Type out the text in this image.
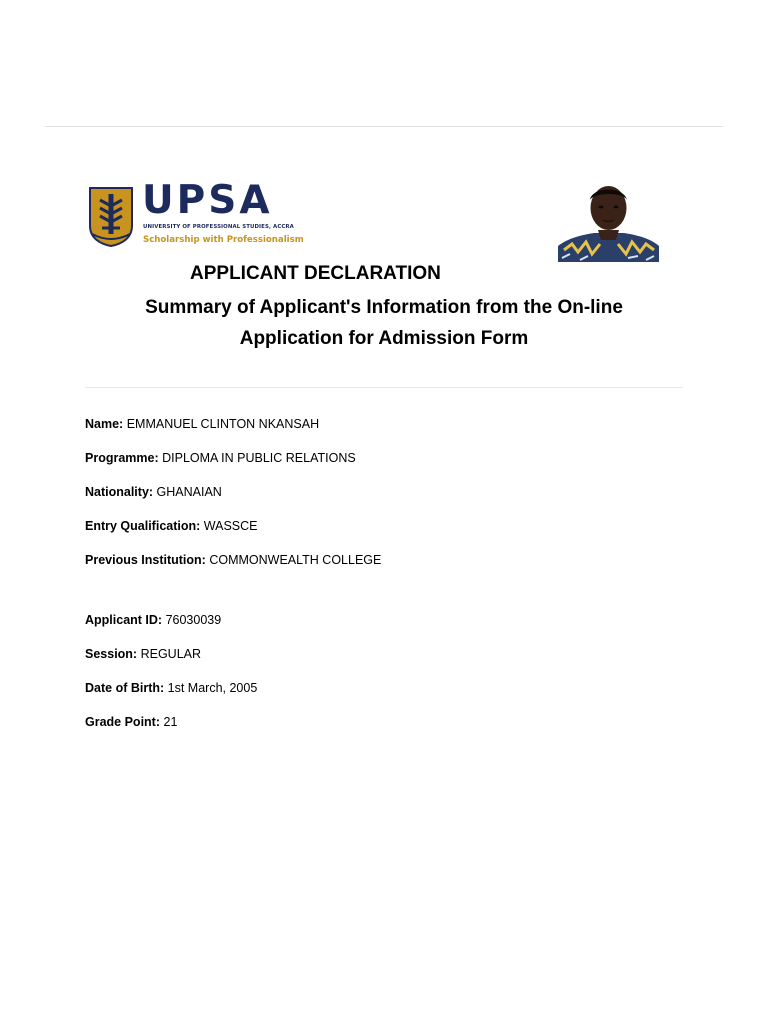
UPSA
UNIVERSITY OF PROFESSIONAL STUDIES, ACCRA
Scholarship with Professionalism
APPLICANT DECLARATION
Summary of Applicant's Information from the On-line
Application for Admission Form
Name: EMMANUEL CLINTON NKANSAH
Programme: DIPLOMA IN PUBLIC RELATIONS
Nationality: GHANAIAN
Entry Qualification: WASSCE
Previous Institution: COMMONWEALTH COLLEGE
Applicant ID: 76030039
Session: REGULAR
Date of Birth: 1st March, 2005
Grade Point: 21
